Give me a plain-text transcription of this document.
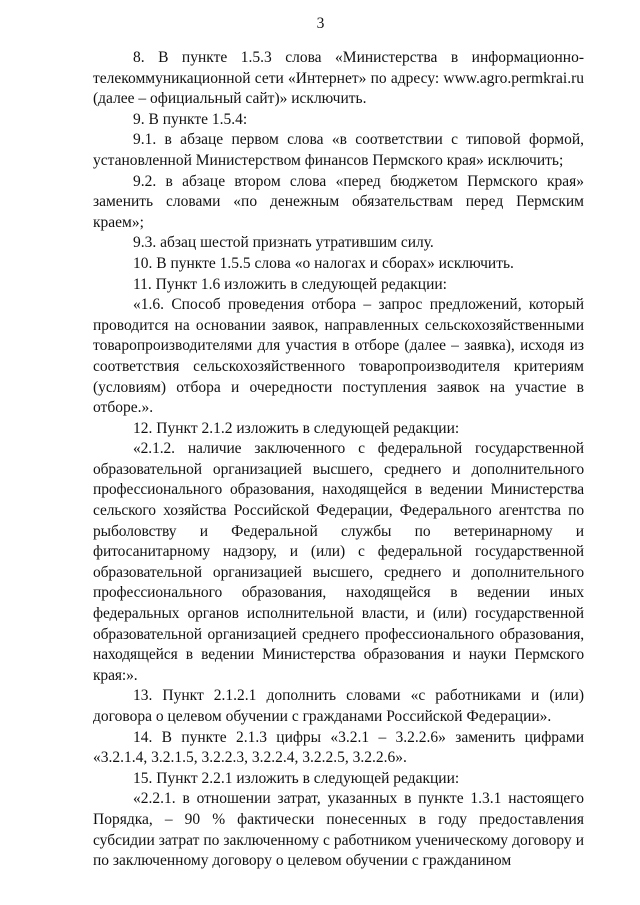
3

8. В пункте 1.5.3 слова «Министерства в информационно-телекоммуникационной сети «Интернет» по адресу: www.agro.permkrai.ru (далее – официальный сайт)» исключить.

9. В пункте 1.5.4:

9.1. в абзаце первом слова «в соответствии с типовой формой, установленной Министерством финансов Пермского края» исключить;

9.2. в абзаце втором слова «перед бюджетом Пермского края» заменить словами «по денежным обязательствам перед Пермским краем»;

9.3. абзац шестой признать утратившим силу.

10. В пункте 1.5.5 слова «о налогах и сборах» исключить.

11. Пункт 1.6 изложить в следующей редакции:

«1.6. Способ проведения отбора – запрос предложений, который проводится на основании заявок, направленных сельскохозяйственными товаропроизводителями для участия в отборе (далее – заявка), исходя из соответствия сельскохозяйственного товаропроизводителя критериям (условиям) отбора и очередности поступления заявок на участие в отборе.».

12. Пункт 2.1.2 изложить в следующей редакции:

«2.1.2. наличие заключенного с федеральной государственной образовательной организацией высшего, среднего и дополнительного профессионального образования, находящейся в ведении Министерства сельского хозяйства Российской Федерации, Федерального агентства по рыболовству и Федеральной службы по ветеринарному и фитосанитарному надзору, и (или) с федеральной государственной образовательной организацией высшего, среднего и дополнительного профессионального образования, находящейся в ведении иных федеральных органов исполнительной власти, и (или) государственной образовательной организацией среднего профессионального образования, находящейся в ведении Министерства образования и науки Пермского края:».

13. Пункт 2.1.2.1 дополнить словами «с работниками и (или) договора о целевом обучении с гражданами Российской Федерации».

14. В пункте 2.1.3 цифры «3.2.1 – 3.2.2.6» заменить цифрами «3.2.1.4, 3.2.1.5, 3.2.2.3, 3.2.2.4, 3.2.2.5, 3.2.2.6».

15. Пункт 2.2.1 изложить в следующей редакции:

«2.2.1. в отношении затрат, указанных в пункте 1.3.1 настоящего Порядка, – 90 % фактически понесенных в году предоставления субсидии затрат по заключенному с работником ученическому договору и по заключенному договору о целевом обучении с гражданином
